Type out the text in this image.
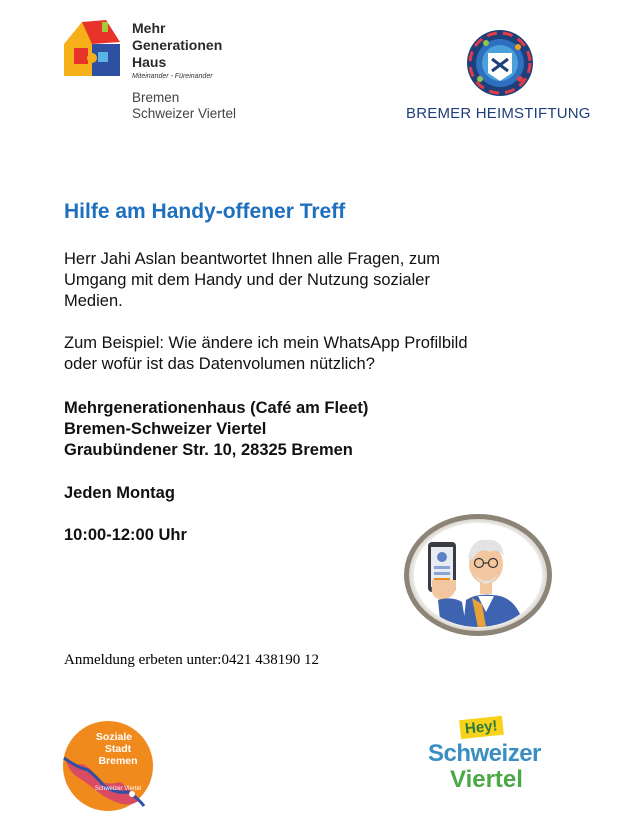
Mehr
Generationen
Haus
Miteinander - Füreinander
Bremen
Schweizer Viertel	BREMER HEIMSTIFTUNG
Hilfe am Handy-offener Treff
Herr Jahi Aslan beantwortet Ihnen alle Fragen, zum
Umgang mit dem Handy und der Nutzung sozialer
Medien.
Zum Beispiel: Wie ändere ich mein WhatsApp Profilbild
oder wofür ist das Datenvolumen nützlich?
Mehrgenerationenhaus (Café am Fleet)
Bremen-Schweizer Viertel
Graubündener Str. 10, 28325 Bremen
Jeden Montag
10:00-12:00 Uhr
Anmeldung erbeten unter:0421 438190 12
Soziale
Stadt
Bremen
Schweizer Viertel
Hey!
Schweizer
Viertel
